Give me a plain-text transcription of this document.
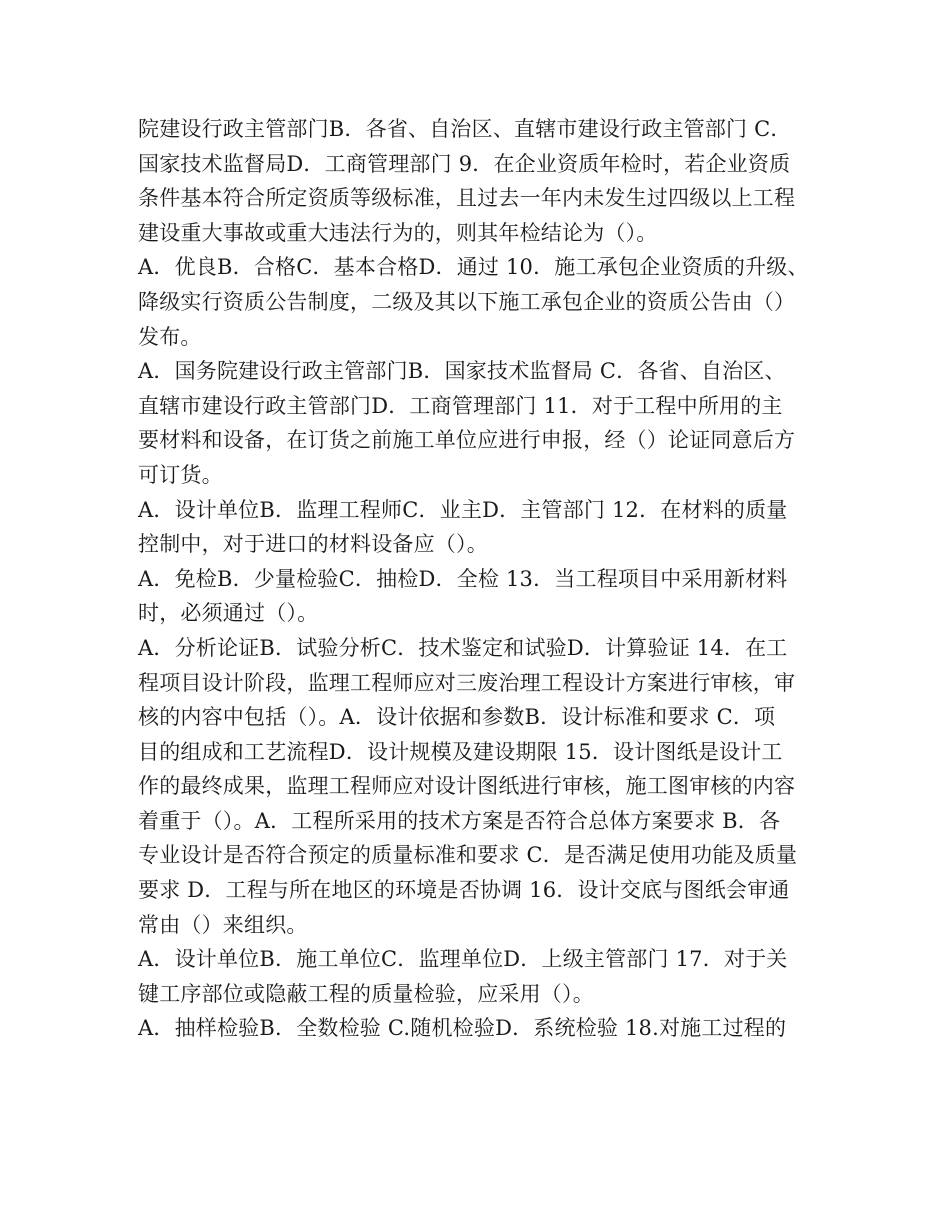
院建设行政主管部门B．各省、自治区、直辖市建设行政主管部门 C．
国家技术监督局D．工商管理部门 9．在企业资质年检时，若企业资质
条件基本符合所定资质等级标准，且过去一年内未发生过四级以上工程
建设重大事故或重大违法行为的，则其年检结论为（）。
A．优良B．合格C．基本合格D．通过 10．施工承包企业资质的升级、
降级实行资质公告制度，二级及其以下施工承包企业的资质公告由（）
发布。
A．国务院建设行政主管部门B．国家技术监督局 C．各省、自治区、
直辖市建设行政主管部门D．工商管理部门 11．对于工程中所用的主
要材料和设备，在订货之前施工单位应进行申报，经（）论证同意后方
可订货。
A．设计单位B．监理工程师C．业主D．主管部门 12．在材料的质量
控制中，对于进口的材料设备应（）。
A．免检B．少量检验C．抽检D．全检 13．当工程项目中采用新材料
时，必须通过（）。
A．分析论证B．试验分析C．技术鉴定和试验D．计算验证 14．在工
程项目设计阶段，监理工程师应对三废治理工程设计方案进行审核，审
核的内容中包括（）。A．设计依据和参数B．设计标准和要求 C．项
目的组成和工艺流程D．设计规模及建设期限 15．设计图纸是设计工
作的最终成果，监理工程师应对设计图纸进行审核，施工图审核的内容
着重于（）。A．工程所采用的技术方案是否符合总体方案要求 B．各
专业设计是否符合预定的质量标准和要求 C．是否满足使用功能及质量
要求 D．工程与所在地区的环境是否协调 16．设计交底与图纸会审通
常由（）来组织。
A．设计单位B．施工单位C．监理单位D．上级主管部门 17．对于关
键工序部位或隐蔽工程的质量检验，应采用（）。
A．抽样检验B．全数检验 C.随机检验D．系统检验 18.对施工过程的
